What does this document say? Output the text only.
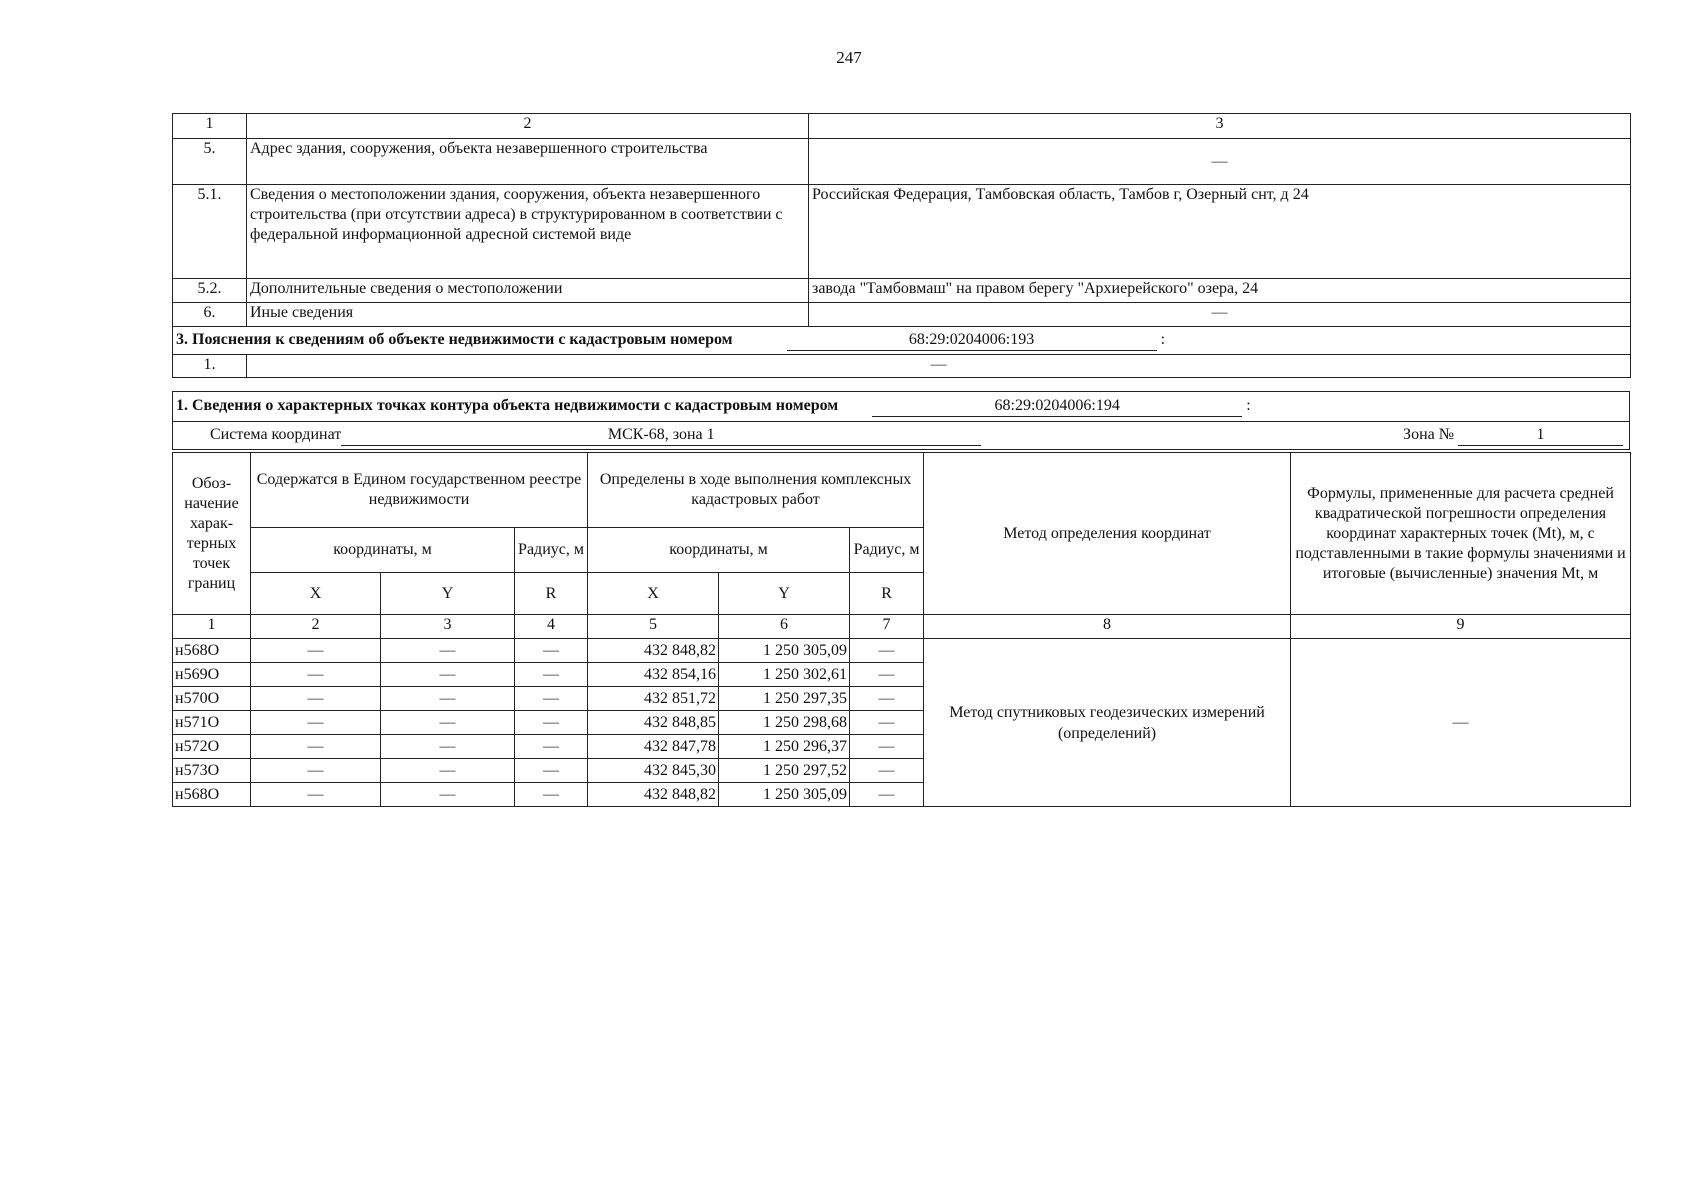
247
1	2	3
5.	Адрес здания, сооружения, объекта незавершенного строительства	—
5.1.	Сведения о местоположении здания, сооружения, объекта незавершенного строительства (при отсутствии адреса) в структурированном в соответствии с федеральной информационной адресной системой виде	Российская Федерация, Тамбовская область, Тамбов г, Озерный снт, д 24
5.2.	Дополнительные сведения о местоположении	завода "Тамбовмаш" на правом берегу "Архиерейского" озера, 24
6.	Иные сведения	—
3. Пояснения к сведениям об объекте недвижимости с кадастровым номером 68:29:0204006:193 :		
1.	—	
1. Сведения о характерных точках контура объекта недвижимости с кадастровым номером	68:29:0204006:194	:
Система координат	МСК-68, зона 1	Зона №	1
Обоз-начение харак-терных точек границ	Содержатся в Едином государственном реестре недвижимости			Определены в ходе выполнения комплексных кадастровых работ			Метод определения координат	Формулы, примененные для расчета средней квадратической погрешности определения координат характерных точек (Mt), м, с подставленными в такие формулы значениями и итоговые (вычисленные) значения Mt, м
	координаты, м		Радиус, м	координаты, м		Радиус, м		
	X	Y	R	X	Y	R		
1	2	3	4	5	6	7	8	9
н568О	—	—	—	432 848,82	1 250 305,09	—	Метод спутниковых геодезических измерений (определений)	—
н569О	—	—	—	432 854,16	1 250 302,61	—		
н570О	—	—	—	432 851,72	1 250 297,35	—		
н571О	—	—	—	432 848,85	1 250 298,68	—		
н572О	—	—	—	432 847,78	1 250 296,37	—		
н573О	—	—	—	432 845,30	1 250 297,52	—		
н568О	—	—	—	432 848,82	1 250 305,09	—		
